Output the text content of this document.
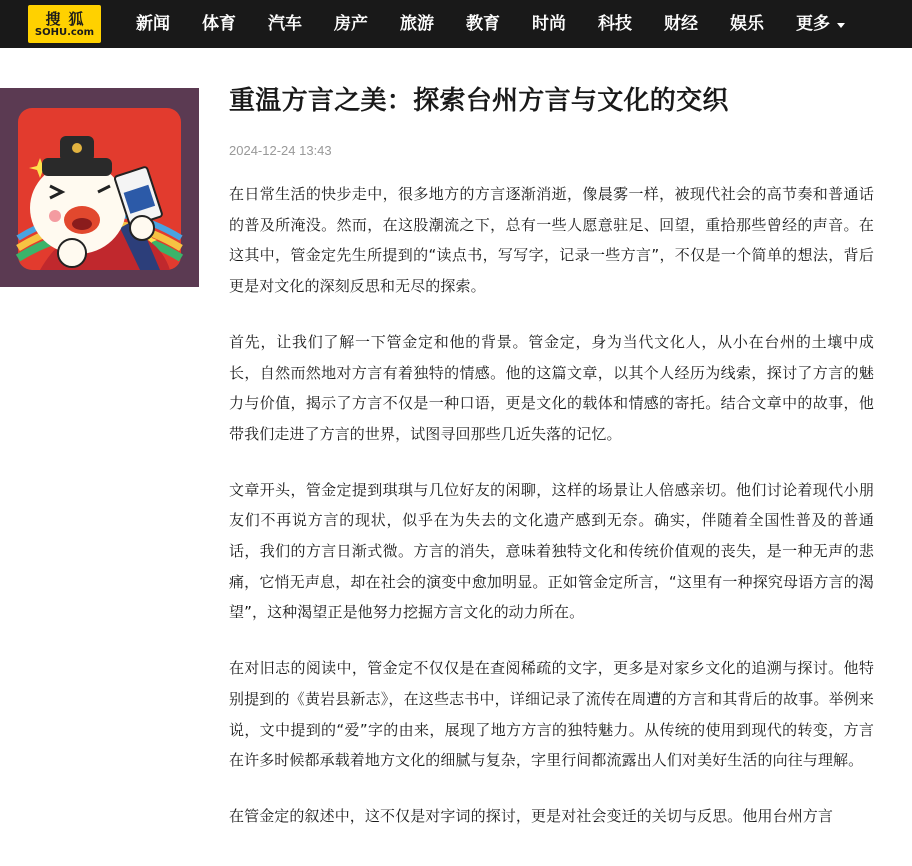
搜狐
SOHU.com	新闻	体育	汽车	房产	旅游	教育	时尚	科技	财经	娱乐	更多
重温方言之美：探索台州方言与文化的交织
2024-12-24 13:43

在日常生活的快步走中，很多地方的方言逐渐消逝，像晨雾一样，被现代社会的高节奏和普通话的普及所淹没。然而，在这股潮流之下，总有一些人愿意驻足、回望，重拾那些曾经的声音。在这其中，管金定先生所提到的“读点书，写写字，记录一些方言”，不仅是一个简单的想法，背后更是对文化的深刻反思和无尽的探索。

首先，让我们了解一下管金定和他的背景。管金定，身为当代文化人，从小在台州的土壤中成长，自然而然地对方言有着独特的情感。他的这篇文章，以其个人经历为线索，探讨了方言的魅力与价值，揭示了方言不仅是一种口语，更是文化的载体和情感的寄托。结合文章中的故事，他带我们走进了方言的世界，试图寻回那些几近失落的记忆。

文章开头，管金定提到琪琪与几位好友的闲聊，这样的场景让人倍感亲切。他们讨论着现代小朋友们不再说方言的现状，似乎在为失去的文化遗产感到无奈。确实，伴随着全国性普及的普通话，我们的方言日渐式微。方言的消失，意味着独特文化和传统价值观的丧失，是一种无声的悲痛，它悄无声息，却在社会的演变中愈加明显。正如管金定所言，“这里有一种探究母语方言的渴望”，这种渴望正是他努力挖掘方言文化的动力所在。

在对旧志的阅读中，管金定不仅仅是在查阅稀疏的文字，更多是对家乡文化的追溯与探讨。他特别提到的《黄岩县新志》，在这些志书中，详细记录了流传在周遭的方言和其背后的故事。举例来说，文中提到的“爱”字的由来，展现了地方方言的独特魅力。从传统的使用到现代的转变，方言在许多时候都承载着地方文化的细腻与复杂，字里行间都流露出人们对美好生活的向往与理解。

在管金定的叙述中，这不仅是对字词的探讨，更是对社会变迁的关切与反思。他用台州方言
